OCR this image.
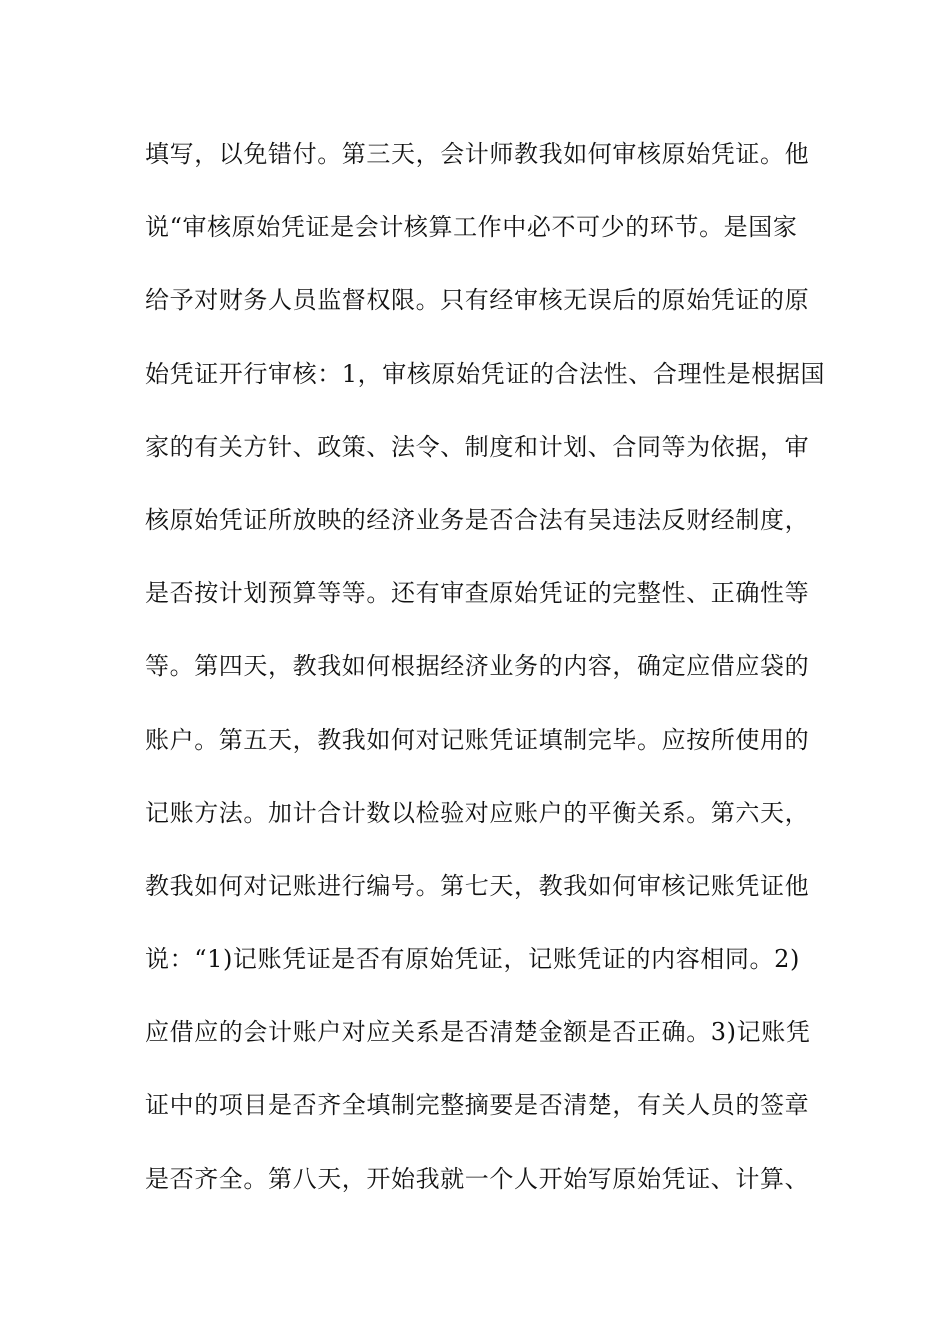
填写，以免错付。第三天，会计师教我如何审核原始凭证。他
说“审核原始凭证是会计核算工作中必不可少的环节。是国家
给予对财务人员监督权限。只有经审核无误后的原始凭证的原
始凭证开行审核：1，审核原始凭证的合法性、合理性是根据国
家的有关方针、政策、法令、制度和计划、合同等为依据，审
核原始凭证所放映的经济业务是否合法有吴违法反财经制度，
是否按计划预算等等。还有审查原始凭证的完整性、正确性等
等。第四天，教我如何根据经济业务的内容，确定应借应袋的
账户。第五天，教我如何对记账凭证填制完毕。应按所使用的
记账方法。加计合计数以检验对应账户的平衡关系。第六天，
教我如何对记账进行编号。第七天，教我如何审核记账凭证他
说：“1)记账凭证是否有原始凭证，记账凭证的内容相同。2)
应借应的会计账户对应关系是否清楚金额是否正确。3)记账凭
证中的项目是否齐全填制完整摘要是否清楚，有关人员的签章
是否齐全。第八天，开始我就一个人开始写原始凭证、计算、
